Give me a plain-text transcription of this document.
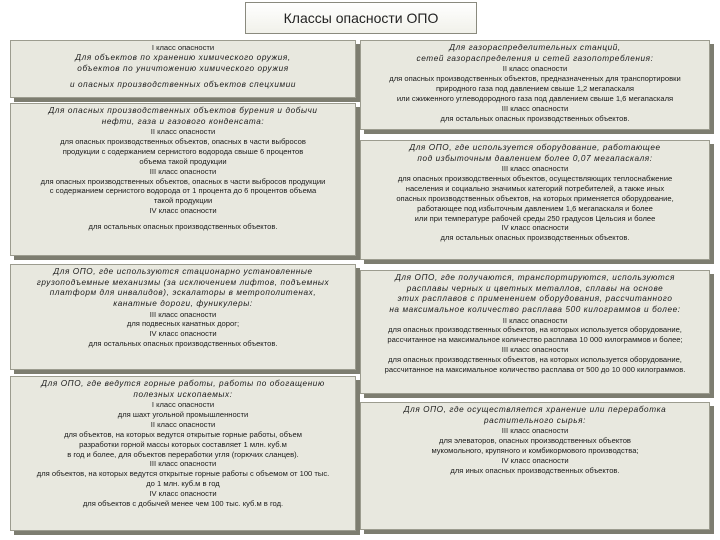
Классы опасности ОПО
I класс опасности
Для объектов по хранению химического оружия,
объектов по уничтожению химического оружия
и опасных производственных объектов спецхимии
Для опасных производственных объектов бурения и добычи
нефти, газа и газового конденсата:
II класс опасности
для опасных производственных объектов, опасных в части выбросов
продукции с содержанием сернистого водорода свыше 6 процентов
объема такой продукции
III класс опасности
для опасных производственных объектов, опасных в части выбросов продукции
с содержанием сернистого водорода от 1 процента до 6 процентов объема
такой продукции
IV класс опасности
для остальных опасных производственных объектов.
Для ОПО, где используются стационарно установленные
грузоподъемные механизмы (за исключением лифтов, подъемных
платформ для инвалидов), эскалаторы в метрополитенах,
канатные дороги, фуникулеры:
III класс опасности
для подвесных канатных дорог;
IV класс опасности
для остальных опасных производственных объектов.
Для ОПО, где ведутся горные работы, работы по обогащению
полезных ископаемых:
I класс опасности
для шахт угольной промышленности
II класс опасности
для объектов, на которых ведутся открытые горные работы, объем
разработки горной массы которых составляет 1 млн. куб.м
в год и более, для объектов переработки угля (горючих сланцев).
III класс опасности
для объектов, на которых ведутся открытые горные работы с объемом от 100 тыс.
до 1 млн. куб.м в год
IV класс опасности
для объектов с добычей менее чем 100 тыс. куб.м в год.
Для газораспределительных станций,
сетей газораспределения и сетей газопотребления:
II класс опасности
для опасных производственных объектов, предназначенных для транспортировки
природного газа под давлением свыше 1,2 мегапаскаля
или сжиженного углеводородного газа под давлением свыше 1,6 мегапаскаля
III класс опасности
для остальных опасных производственных объектов.
Для ОПО, где используется оборудование, работающее
под избыточным давлением более 0,07 мегапаскаля:
III класс опасности
для опасных производственных объектов, осуществляющих теплоснабжение
населения и социально значимых категорий потребителей, а также иных
опасных производственных объектов, на которых применяется оборудование,
работающее под избыточным давлением 1,6 мегапаскаля и более
или при температуре рабочей среды 250 градусов Цельсия и более
IV класс опасности
для остальных опасных производственных объектов.
Для ОПО, где получаются, транспортируются, используются
расплавы черных и цветных металлов, сплавы на основе
этих расплавов с применением оборудования, рассчитанного
на максимальное количество расплава 500 килограммов и более:
II класс опасности
для опасных производственных объектов, на которых используется оборудование,
рассчитанное на максимальное количество расплава 10 000 килограммов и более;
III класс опасности
для опасных производственных объектов, на которых используется оборудование,
рассчитанное на максимальное количество расплава от 500 до 10 000 килограммов.
Для ОПО, где осуществляется хранение или переработка
растительного сырья:
III класс опасности
для элеваторов, опасных производственных объектов
мукомольного, крупяного и комбикормового производства;
IV класс опасности
для иных опасных производственных объектов.
